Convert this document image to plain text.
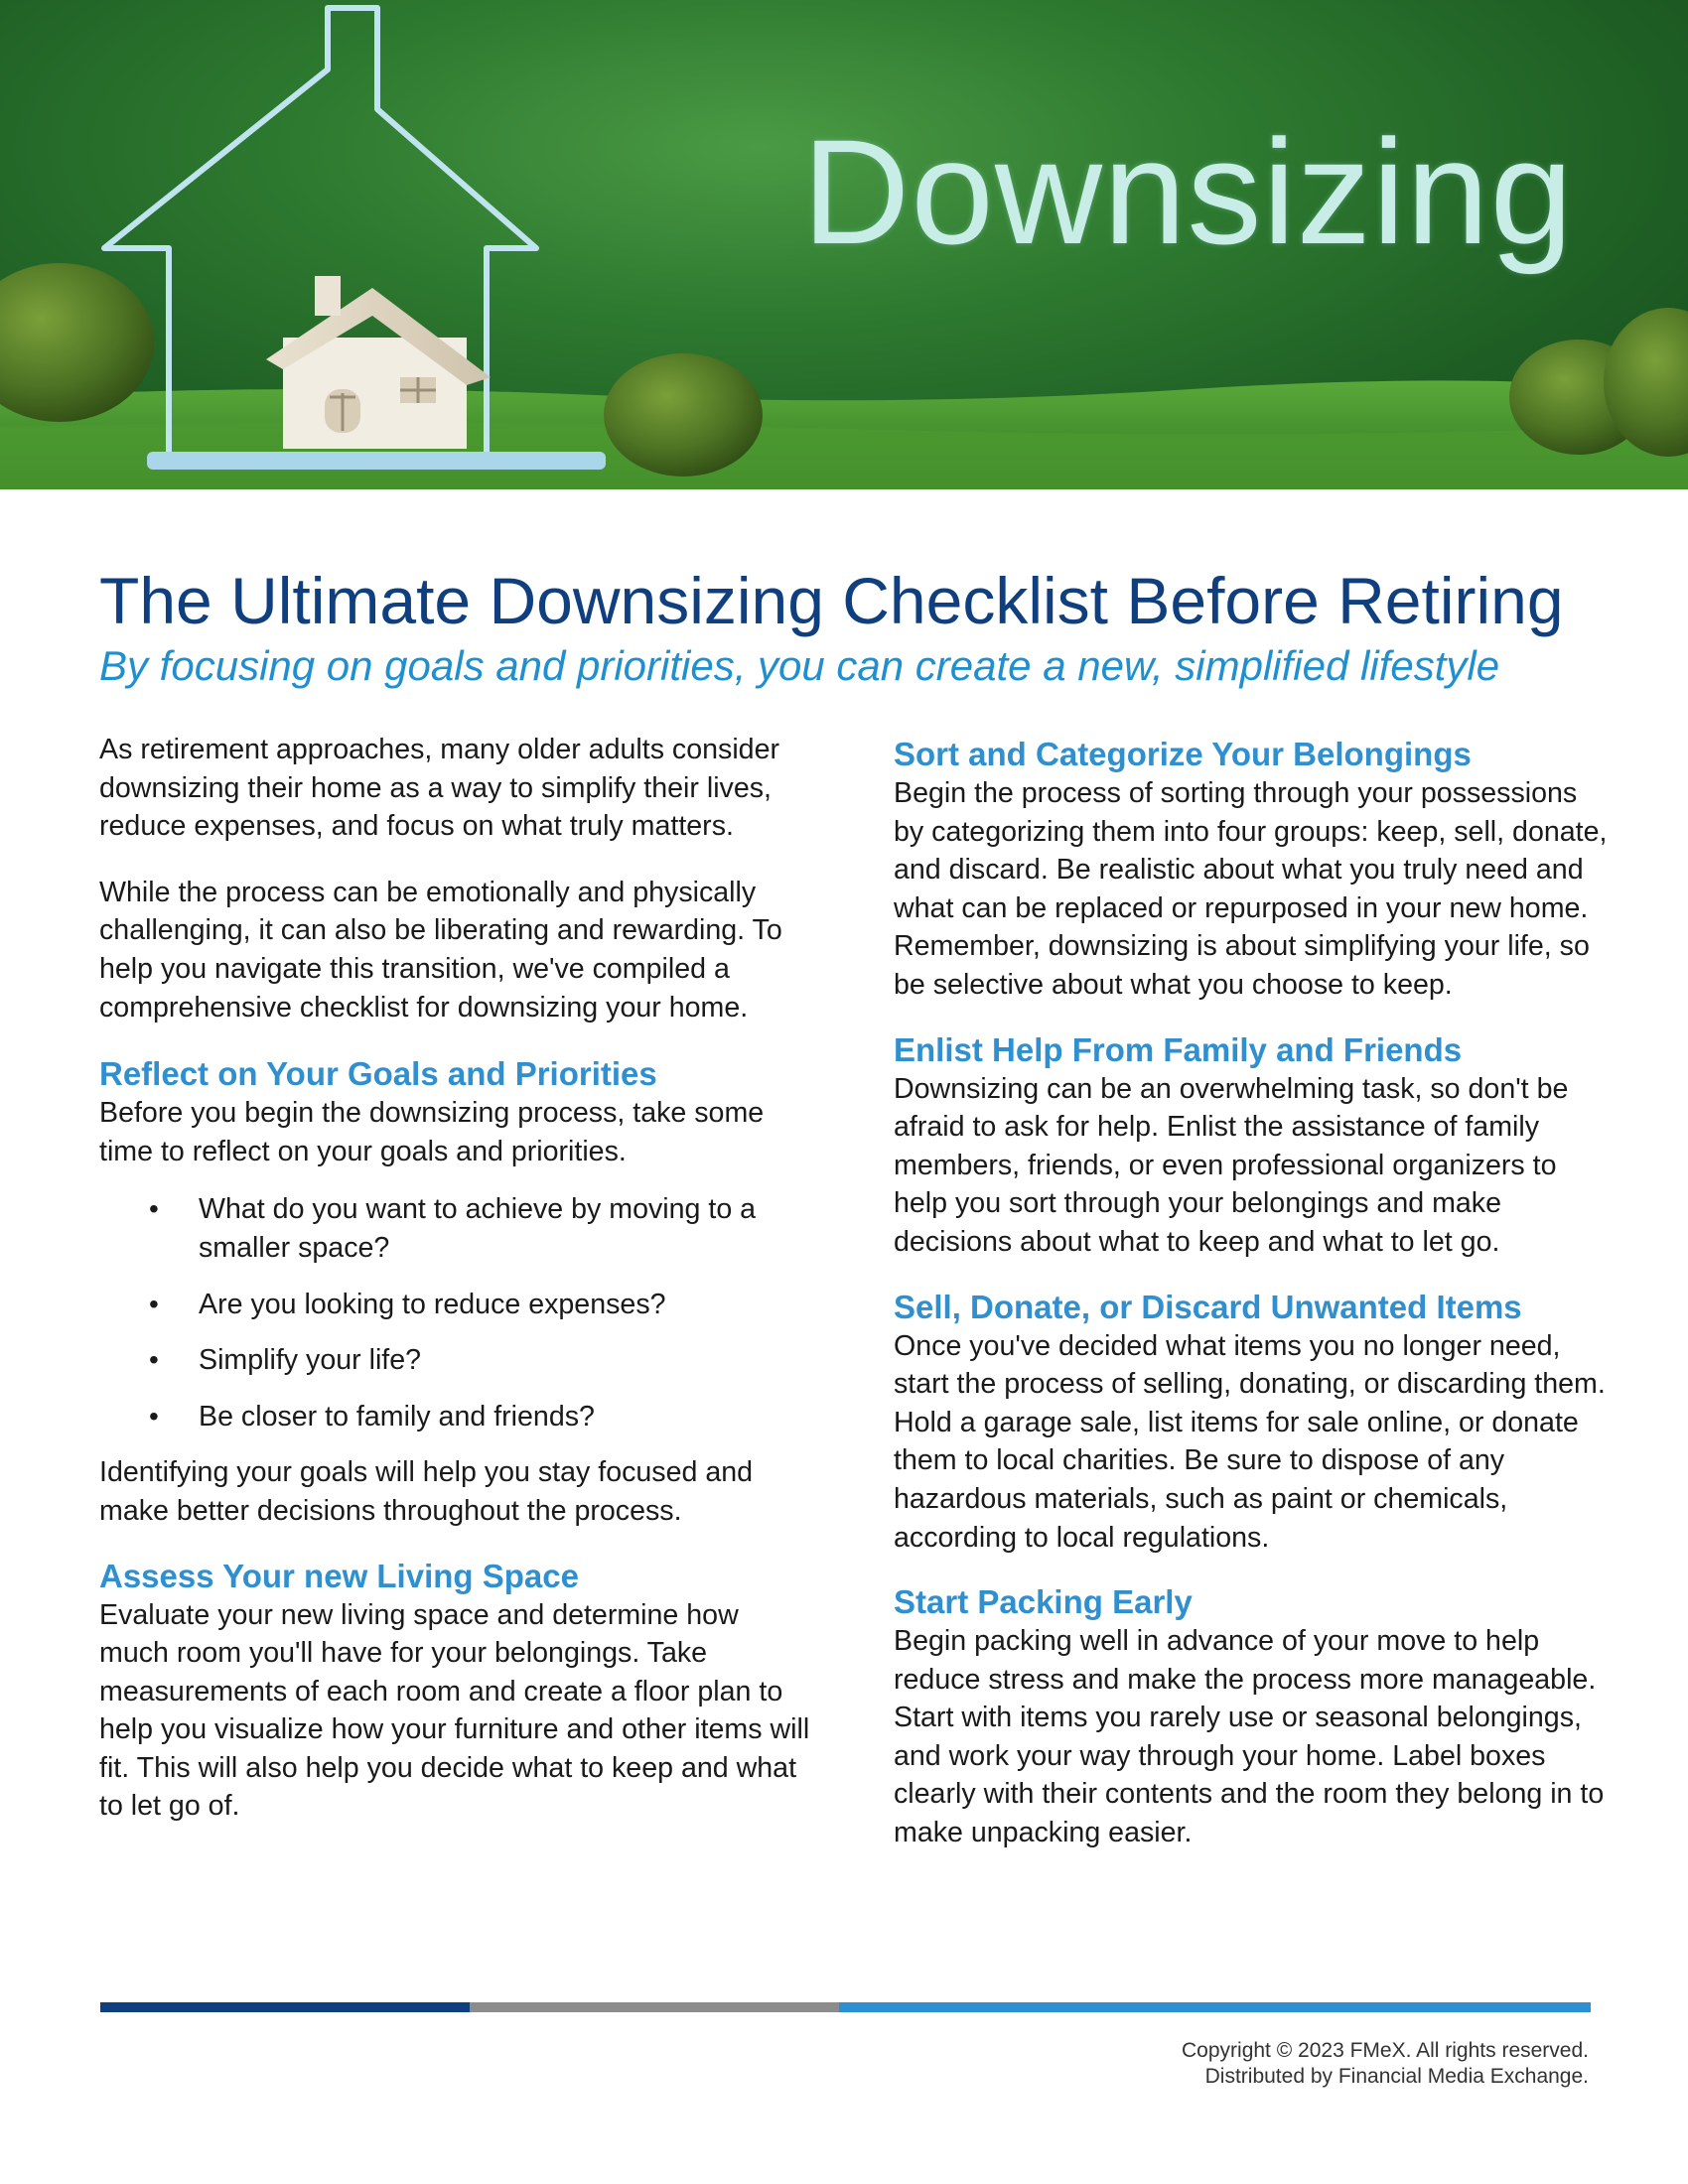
Downsizing
The Ultimate Downsizing Checklist Before Retiring
By focusing on goals and priorities, you can create a new, simplified lifestyle

As retirement approaches, many older adults consider downsizing their home as a way to simplify their lives, reduce expenses, and focus on what truly matters.

While the process can be emotionally and physically challenging, it can also be liberating and rewarding. To help you navigate this transition, we've compiled a comprehensive checklist for downsizing your home.

Reflect on Your Goals and Priorities

Before you begin the downsizing process, take some time to reflect on your goals and priorities.

• What do you want to achieve by moving to a smaller space?
• Are you looking to reduce expenses?
• Simplify your life?
• Be closer to family and friends?

Identifying your goals will help you stay focused and make better decisions throughout the process.

Assess Your new Living Space

Evaluate your new living space and determine how much room you'll have for your belongings. Take measurements of each room and create a floor plan to help you visualize how your furniture and other items will fit. This will also help you decide what to keep and what to let go of.

Sort and Categorize Your Belongings

Begin the process of sorting through your possessions by categorizing them into four groups: keep, sell, donate, and discard. Be realistic about what you truly need and what can be replaced or repurposed in your new home. Remember, downsizing is about simplifying your life, so be selective about what you choose to keep.

Enlist Help From Family and Friends

Downsizing can be an overwhelming task, so don't be afraid to ask for help. Enlist the assistance of family members, friends, or even professional organizers to help you sort through your belongings and make decisions about what to keep and what to let go.

Sell, Donate, or Discard Unwanted Items

Once you've decided what items you no longer need, start the process of selling, donating, or discarding them. Hold a garage sale, list items for sale online, or donate them to local charities. Be sure to dispose of any hazardous materials, such as paint or chemicals, according to local regulations.

Start Packing Early

Begin packing well in advance of your move to help reduce stress and make the process more manageable. Start with items you rarely use or seasonal belongings, and work your way through your home. Label boxes clearly with their contents and the room they belong in to make unpacking easier.

Copyright © 2023 FMeX. All rights reserved.
Distributed by Financial Media Exchange.
